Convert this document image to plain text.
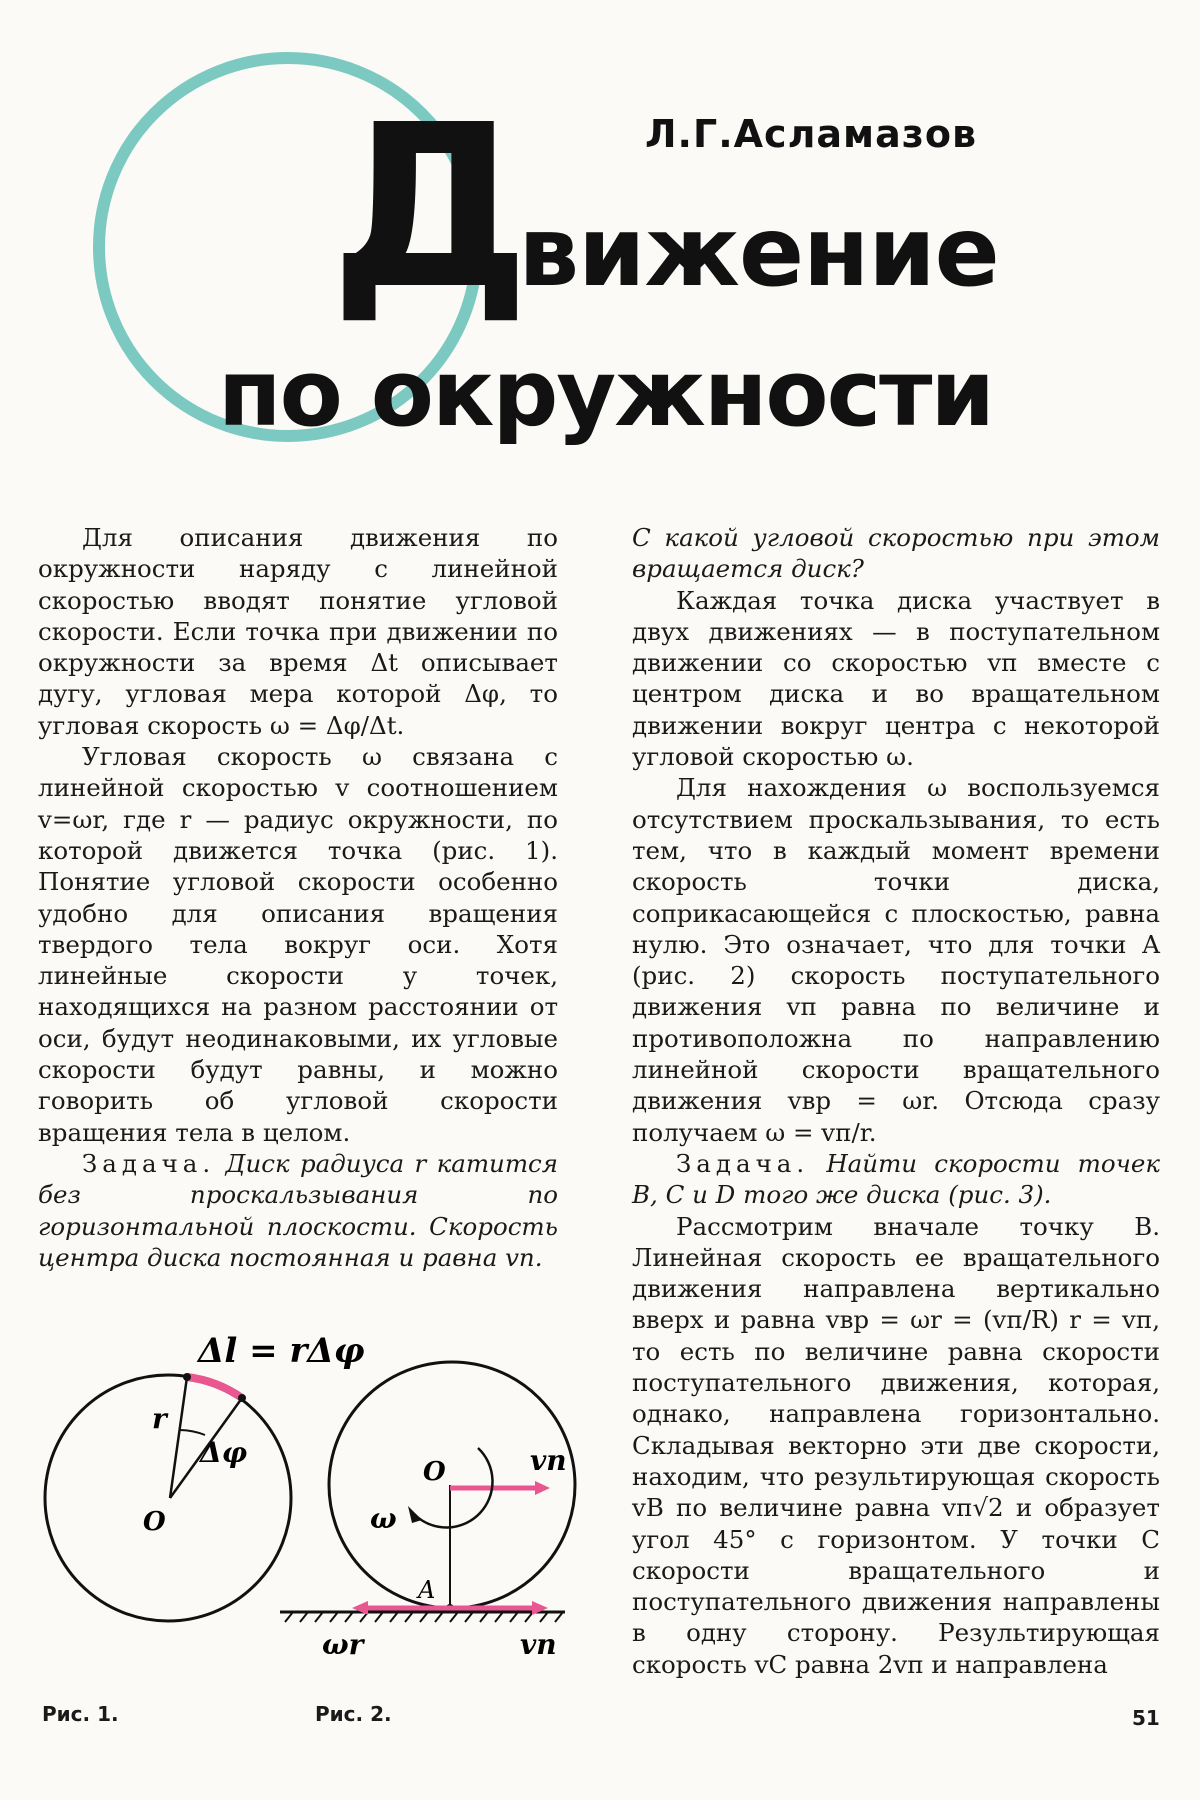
Л.Г.Асламазов
Движение
по окружности

Для описания движения по окружности наряду с линейной скоростью вводят понятие угловой скорости. Если точка при движении по окружности за время Δt описывает дугу, угловая мера которой Δφ, то угловая скорость ω = Δφ/Δt.

Угловая скорость ω связана с линейной скоростью v соотношением v=ωr, где r — радиус окружности, по которой движется точка (рис. 1). Понятие угловой скорости особенно удобно для описания вращения твердого тела вокруг оси. Хотя линейные скорости у точек, находящихся на разном расстоянии от оси, будут неодинаковыми, их угловые скорости будут равны, и можно говорить об угловой скорости вращения тела в целом.

Задача. Диск радиуса r катится без проскальзывания по горизонтальной плоскости. Скорость центра диска постоянная и равна vп.

С какой угловой скоростью при этом вращается диск?

Каждая точка диска участвует в двух движениях — в поступательном движении со скоростью vп вместе с центром диска и во вращательном движении вокруг центра с некоторой угловой скоростью ω.

Для нахождения ω воспользуемся отсутствием проскальзывания, то есть тем, что в каждый момент времени скорость точки диска, соприкасающейся с плоскостью, равна нулю. Это означает, что для точки A (рис. 2) скорость поступательного движения vп равна по величине и противоположна по направлению линейной скорости вращательного движения vвр = ωr. Отсюда сразу получаем ω = vп/r.

Задача. Найти скорости точек B, C и D того же диска (рис. 3).

Рассмотрим вначале точку B. Линейная скорость ее вращательного движения направлена вертикально вверх и равна vвр = ωr = (vп/R) r = vп, то есть по величине равна скорости поступательного движения, которая, однако, направлена горизонтально. Складывая векторно эти две скорости, находим, что результирующая скорость vB по величине равна vп√2 и образует угол 45° с горизонтом. У точки C скорости вращательного и поступательного движения направлены в одну сторону. Результирующая скорость vC равна 2vп и направлена

Δl = rΔφ
r
Δφ
O
O	vп
ω
A
ωr	vп
Рис. 1.	Рис. 2.	51
